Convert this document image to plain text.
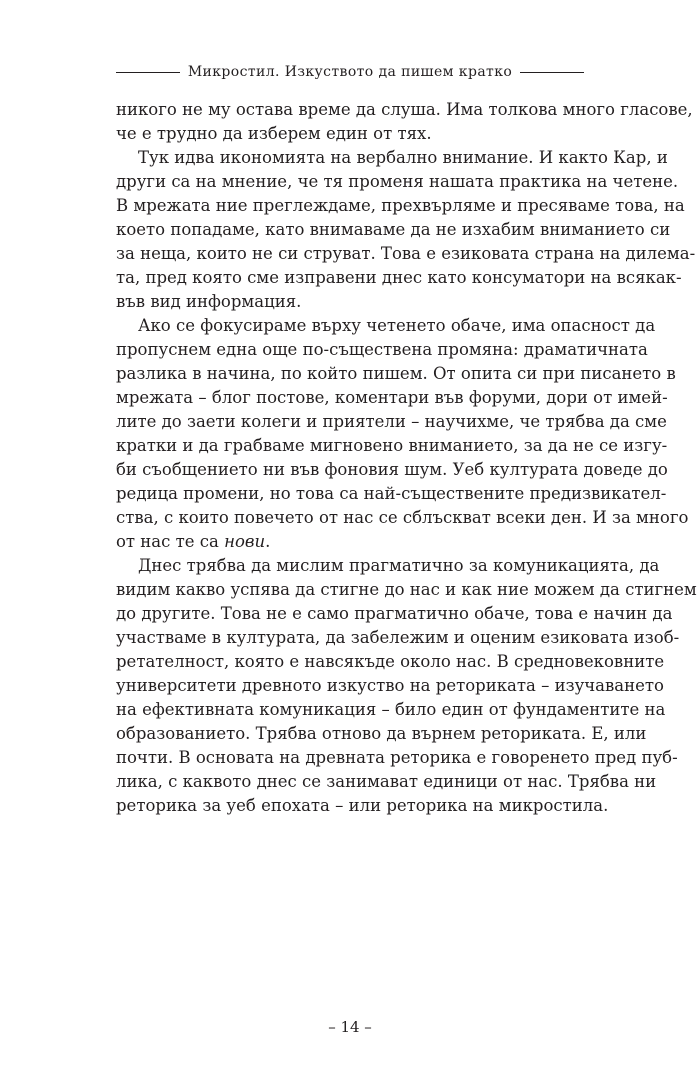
Микростил. Изкуството да пишем кратко

никого не му остава време да слуша. Има толкова много гласове,
че е трудно да изберем един от тях.

Тук идва икономията на вербално внимание. И както Кар, и
други са на мнение, че тя променя нашата практика на четене.
В мрежата ние преглеждаме, прехвърляме и пресяваме това, на
което попадаме, като внимаваме да не изхабим вниманието си
за неща, които не си струват. Това е езиковата страна на дилема-
та, пред която сме изправени днес като консуматори на всякак-
във вид информация.

Ако се фокусираме върху четенето обаче, има опасност да
пропуснем една още по-съществена промяна: драматичната
разлика в начина, по който пишем. От опита си при писането в
мрежата – блог постове, коментари във форуми, дори от имей-
лите до заети колеги и приятели – научихме, че трябва да сме
кратки и да грабваме мигновено вниманието, за да не се изгу-
би съобщението ни във фоновия шум. Уеб културата доведе до
редица промени, но това са най-съществените предизвикател-
ства, с които повечето от нас се сблъскват всеки ден. И за много
от нас те са нови.

Днес трябва да мислим прагматично за комуникацията, да
видим какво успява да стигне до нас и как ние можем да стигнем
до другите. Това не е само прагматично обаче, това е начин да
участваме в културата, да забележим и оценим езиковата изоб-
ретателност, която е навсякъде около нас. В средновековните
университети древното изкуство на реториката – изучаването
на ефективната комуникация – било един от фундаментите на
образованието. Трябва отново да върнем реториката. Е, или
почти. В основата на древната реторика е говоренето пред пуб-
лика, с каквото днес се занимават единици от нас. Трябва ни
реторика за уеб епохата – или реторика на микростила.

– 14 –
